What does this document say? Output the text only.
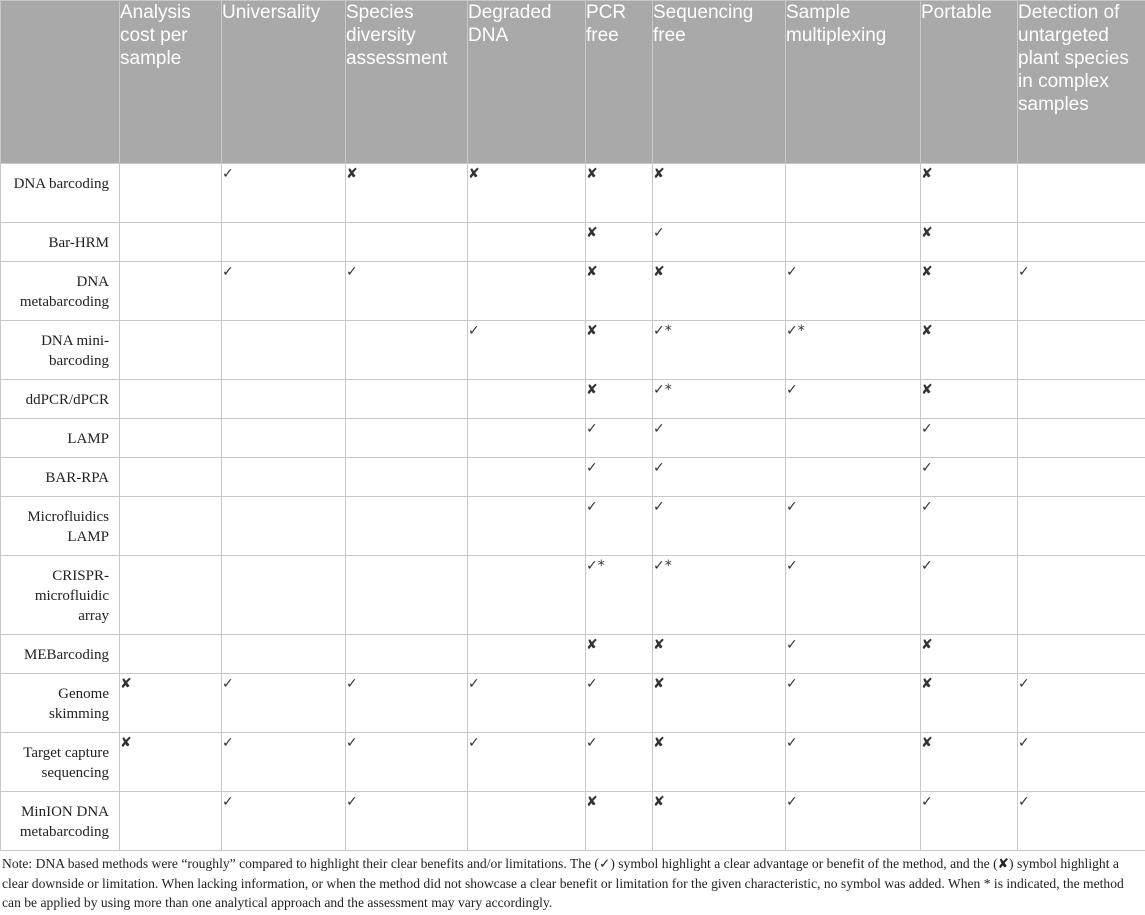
	Analysis cost per sample	Universality	Species diversity assessment	Degraded DNA	PCR free	Sequencing free	Sample multiplexing	Portable	Detection of untargeted plant species in complex samples
DNA barcoding		✓	✘	✘	✘	✘		✘	
Bar-HRM					✘	✓		✘	
DNA metabarcoding		✓	✓		✘	✘	✓	✘	✓
DNA mini-barcoding				✓	✘	✓*	✓*	✘	
ddPCR/dPCR					✘	✓*	✓	✘	
LAMP					✓	✓		✓	
BAR-RPA					✓	✓		✓	
Microfluidics LAMP					✓	✓	✓	✓	
CRISPR-microfluidic array					✓*	✓*	✓	✓	
MEBarcoding					✘	✘	✓	✘	
Genome skimming	✘	✓	✓	✓	✓	✘	✓	✘	✓
Target capture sequencing	✘	✓	✓	✓	✓	✘	✓	✘	✓
MinION DNA metabarcoding		✓	✓		✘	✘	✓	✓	✓
Note: DNA based methods were “roughly” compared to highlight their clear benefits and/or limitations. The (✓) symbol highlight a clear advantage or benefit of the method, and the (✘) symbol highlight a clear downside or limitation. When lacking information, or when the method did not showcase a clear benefit or limitation for the given characteristic, no symbol was added. When * is indicated, the method can be applied by using more than one analytical approach and the assessment may vary accordingly.
